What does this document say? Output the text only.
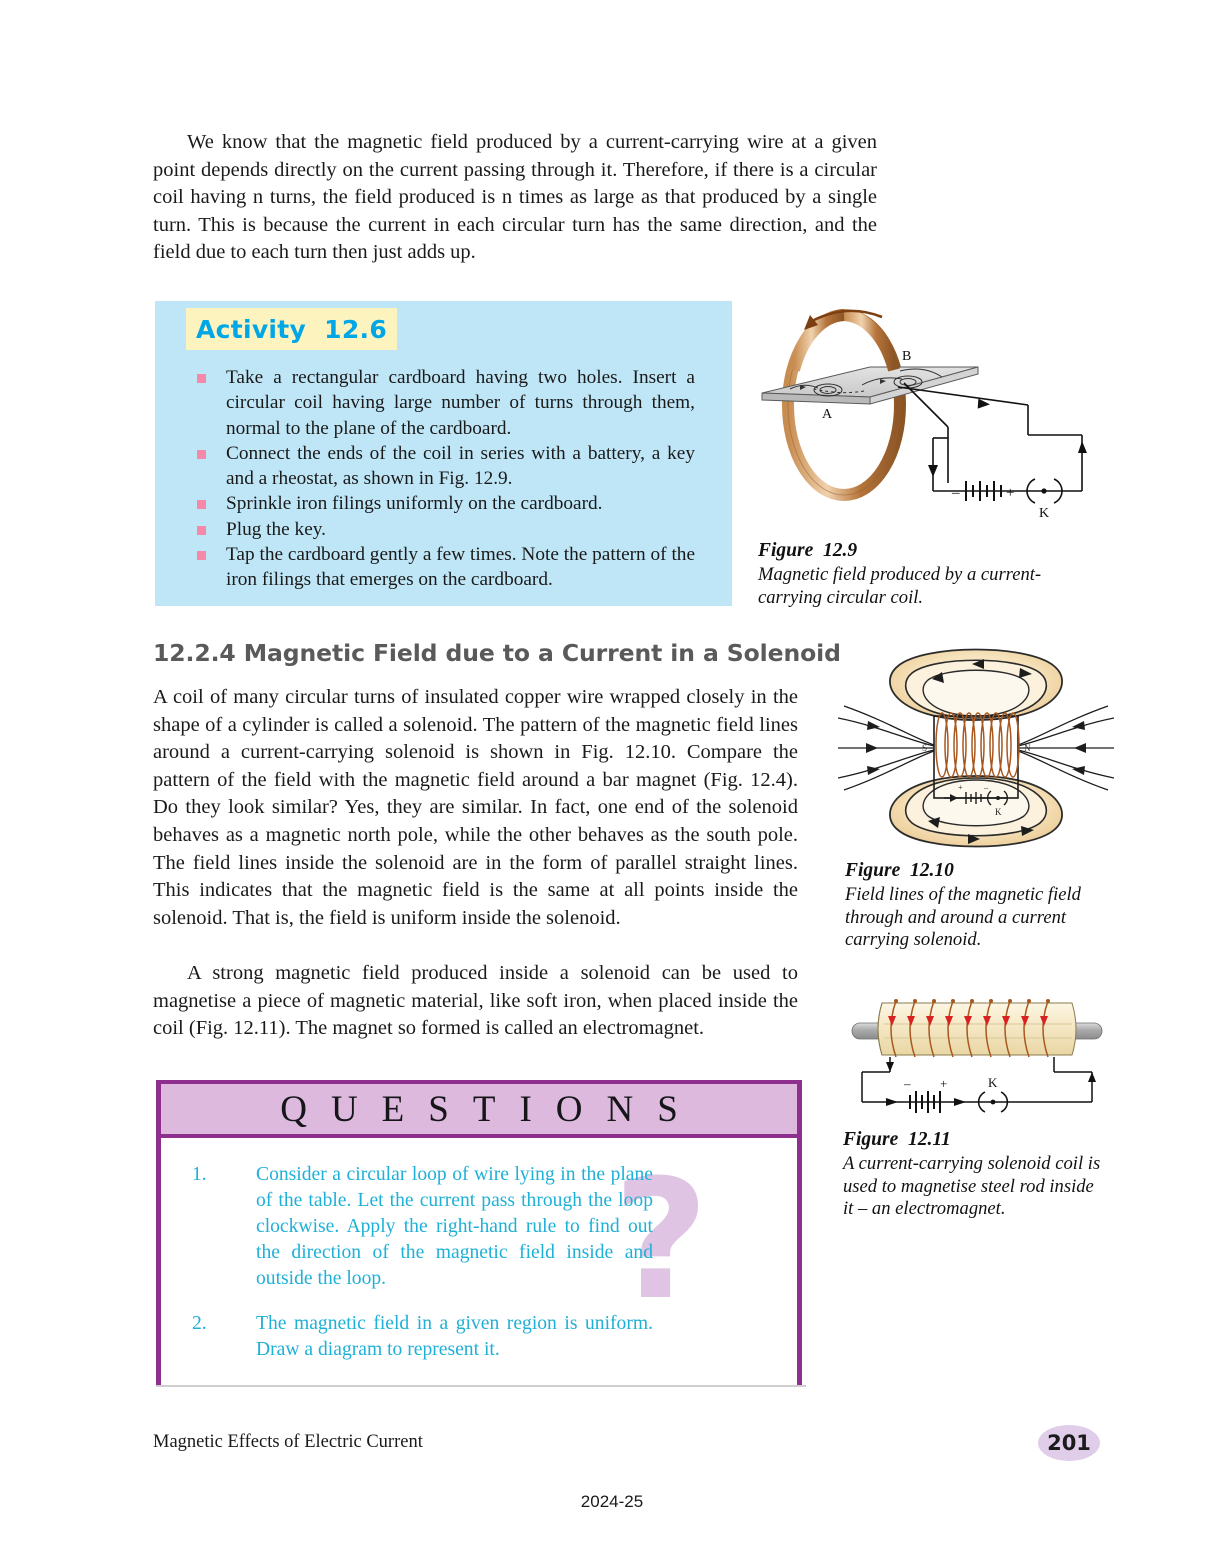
We know that the magnetic field produced by a current-carrying wire at a given point depends directly on the current passing through it. Therefore, if there is a circular coil having n turns, the field produced is n times as large as that produced by a single turn. This is because the current in each circular turn has the same direction, and the field due to each turn then just adds up.
Activity  12.6
Take a rectangular cardboard having two holes. Insert a circular coil having large number of turns through them, normal to the plane of the cardboard.
Connect the ends of the coil in series with a battery, a key and a rheostat, as shown in Fig. 12.9.
Sprinkle iron filings uniformly on the cardboard.
Plug the key.
Tap the cardboard gently a few times. Note the pattern of the iron filings that emerges on the cardboard.
A
B
–	+
K
Figure  12.9
Magnetic field produced by a current-carrying circular coil.
12.2.4 Magnetic Field due to a Current in a Solenoid
A coil of many circular turns of insulated copper wire wrapped closely in the shape of a cylinder is called a solenoid. The pattern of the magnetic field lines around a current-carrying solenoid is shown in Fig. 12.10. Compare the pattern of the field with the magnetic field around a bar magnet (Fig. 12.4). Do they look similar? Yes, they are similar. In fact, one end of the solenoid behaves as a magnetic north pole, while the other behaves as the south pole. The field lines inside the solenoid are in the form of parallel straight lines. This indicates that the magnetic field is the same at all points inside the solenoid. That is, the field is uniform inside the solenoid.
A strong magnetic field produced inside a solenoid can be used to magnetise a piece of magnetic material, like soft iron, when placed inside the coil (Fig. 12.11). The magnet so formed is called an electromagnet.
S	N
+	–
K
Figure  12.10
Field lines of the magnetic field through and around a current carrying solenoid.
– +	K
Figure  12.11
A current-carrying solenoid coil is used to magnetise steel rod inside it – an electromagnet.
QUESTIONS
?
1.	Consider a circular loop of wire lying in the plane of the table. Let the current pass through the loop clockwise. Apply the right-hand rule to find out the direction of the magnetic field inside and outside the loop.
2.	The magnetic field in a given region is uniform. Draw a diagram to represent it.
Magnetic Effects of Electric Current	201
2024-25
